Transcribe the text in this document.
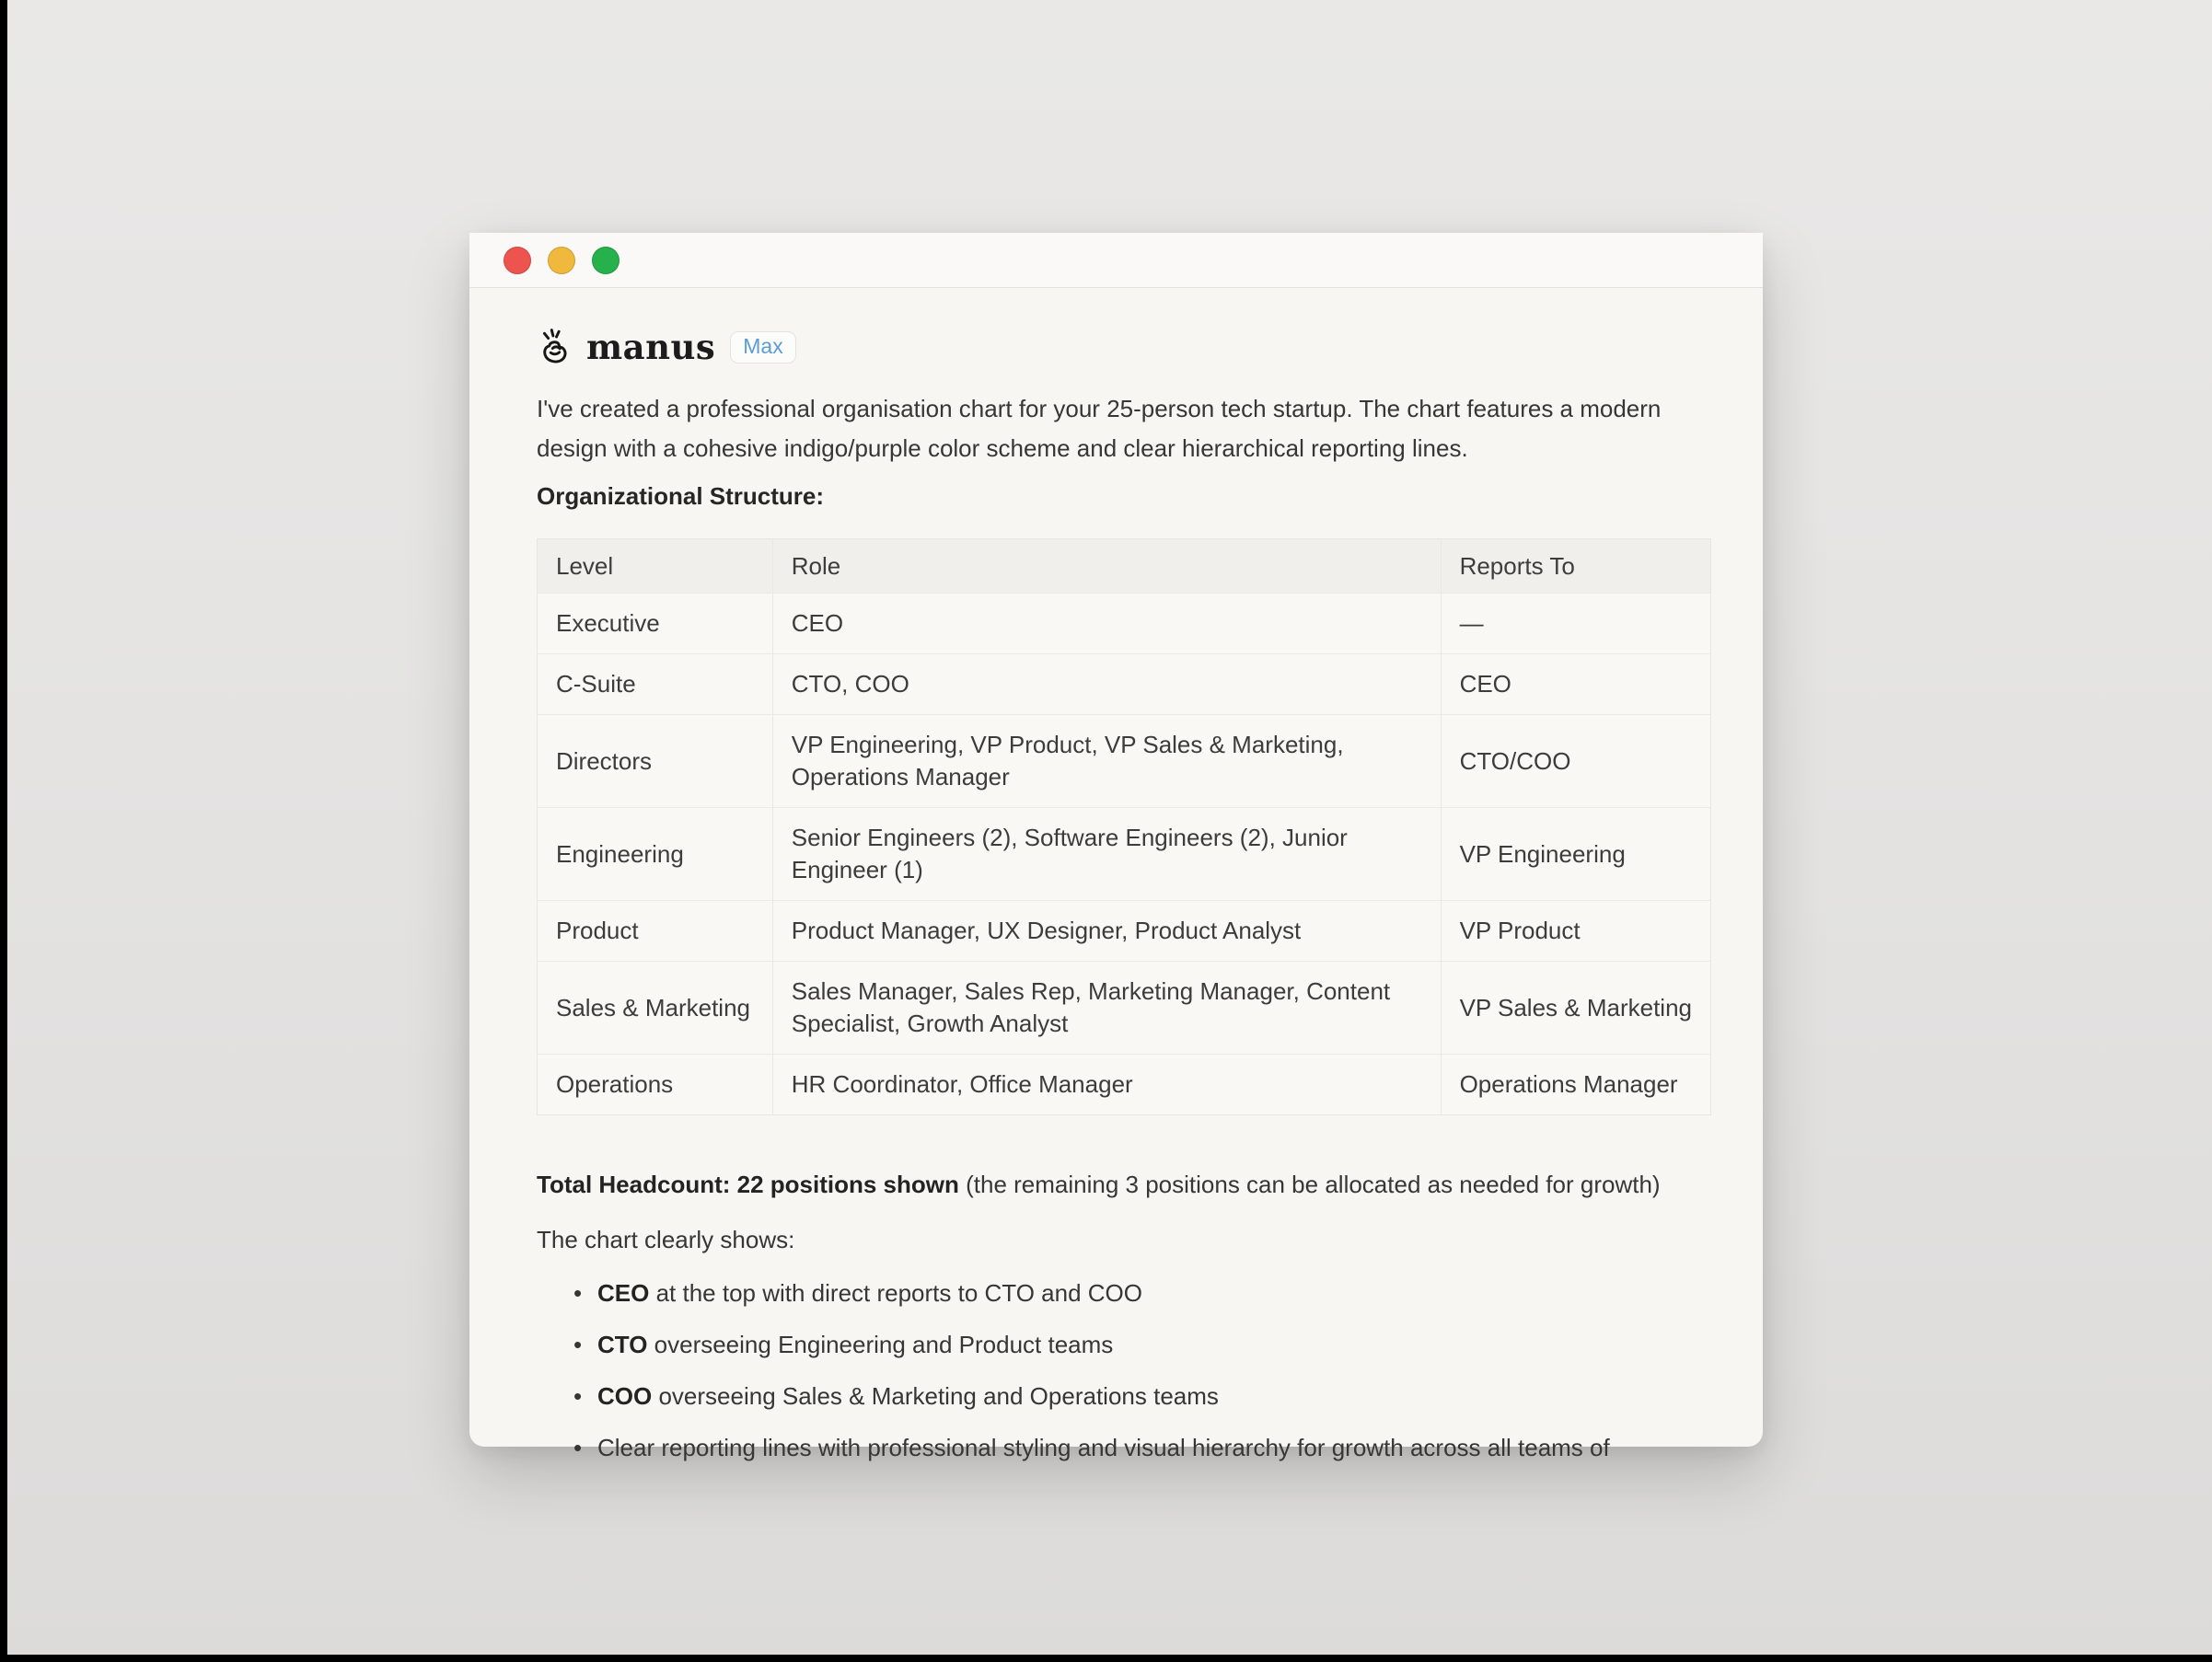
manus	Max

I've created a professional organisation chart for your 25-person tech startup. The chart features a modern design with a cohesive indigo/purple color scheme and clear hierarchical reporting lines.

Organizational Structure:

Level	Role	Reports To
Executive	CEO	—
C-Suite	CTO, COO	CEO
Directors	VP Engineering, VP Product, VP Sales & Marketing, Operations Manager	CTO/COO
Engineering	Senior Engineers (2), Software Engineers (2), Junior Engineer (1)	VP Engineering
Product	Product Manager, UX Designer, Product Analyst	VP Product
Sales & Marketing	Sales Manager, Sales Rep, Marketing Manager, Content Specialist, Growth Analyst	VP Sales & Marketing
Operations	HR Coordinator, Office Manager	Operations Manager

Total Headcount: 22 positions shown (the remaining 3 positions can be allocated as needed for growth)

The chart clearly shows:

• CEO at the top with direct reports to CTO and COO
• CTO overseeing Engineering and Product teams
• COO overseeing Sales & Marketing and Operations teams
• Clear reporting lines with professional styling and visual hierarchy for growth across all teams of
